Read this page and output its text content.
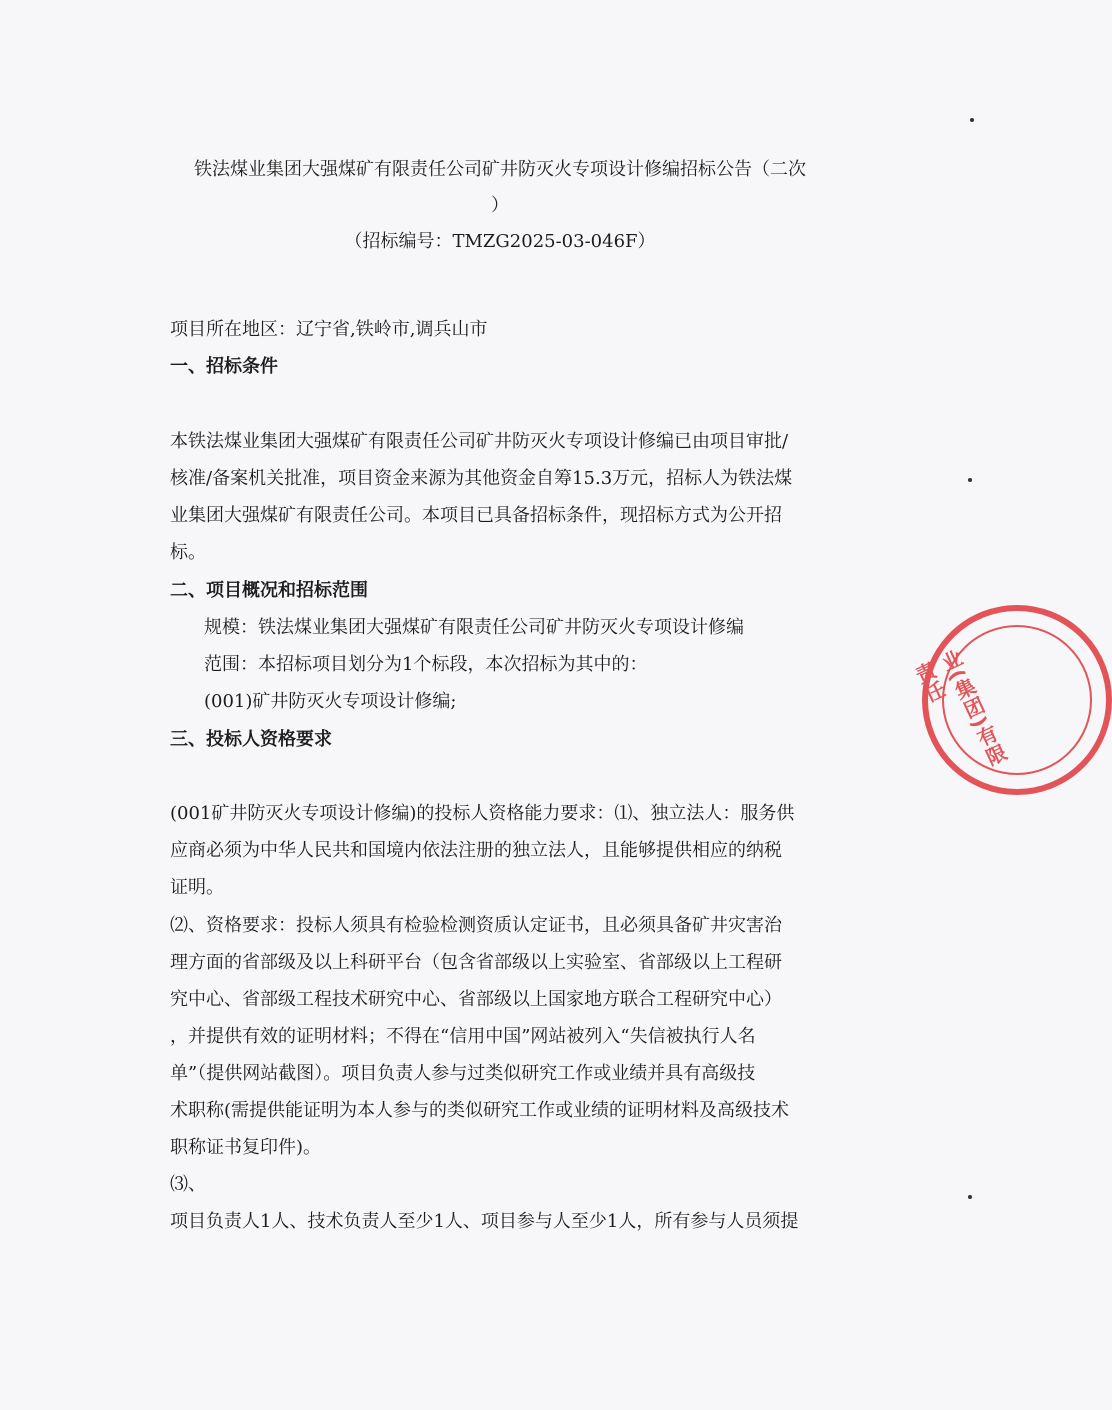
铁法煤业集团大强煤矿有限责任公司矿井防灭火专项设计修编招标公告（二次
）
（招标编号：TMZG2025-03-046F）
项目所在地区：辽宁省,铁岭市,调兵山市
一、招标条件
本铁法煤业集团大强煤矿有限责任公司矿井防灭火专项设计修编已由项目审批/
核准/备案机关批准，项目资金来源为其他资金自筹15.3万元，招标人为铁法煤
业集团大强煤矿有限责任公司。本项目已具备招标条件，现招标方式为公开招
标。
二、项目概况和招标范围
规模：铁法煤业集团大强煤矿有限责任公司矿井防灭火专项设计修编
范围：本招标项目划分为1个标段，本次招标为其中的：
(001)矿井防灭火专项设计修编;
三、投标人资格要求
(001矿井防灭火专项设计修编)的投标人资格能力要求：⑴、独立法人：服务供
应商必须为中华人民共和国境内依法注册的独立法人，且能够提供相应的纳税
证明。
⑵、资格要求：投标人须具有检验检测资质认定证书，且必须具备矿井灾害治
理方面的省部级及以上科研平台（包含省部级以上实验室、省部级以上工程研
究中心、省部级工程技术研究中心、省部级以上国家地方联合工程研究中心）
，并提供有效的证明材料；不得在“信用中国”网站被列入“失信被执行人名
单”（提供网站截图）。项目负责人参与过类似研究工作或业绩并具有高级技
术职称(需提供能证明为本人参与的类似研究工作或业绩的证明材料及高级技术
职称证书复印件)。
⑶、
项目负责人1人、技术负责人至少1人、项目参与人至少1人，所有参与人员须提
业(集团)有限责任
